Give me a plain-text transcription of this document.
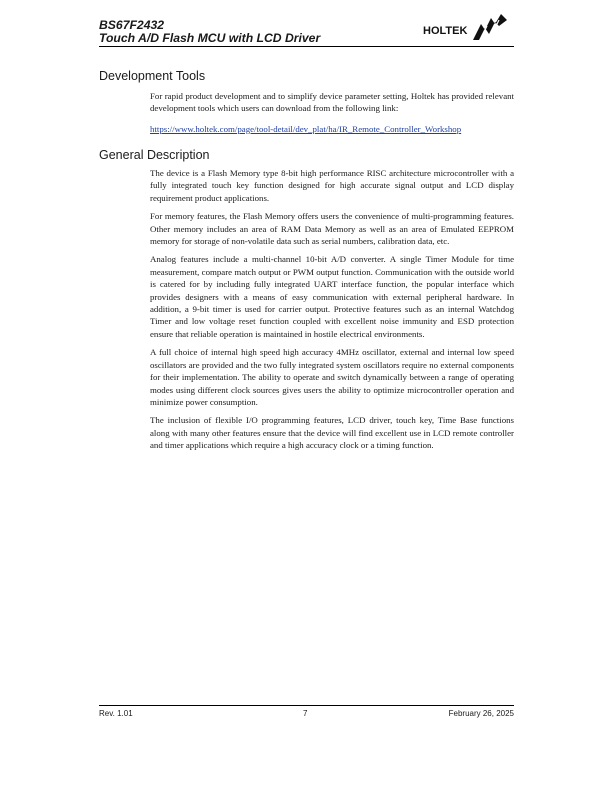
BS67F2432
Touch A/D Flash MCU with LCD Driver	HOLTEK
Development Tools

For rapid product development and to simplify device parameter setting, Holtek has provided relevant development tools which users can download from the following link:

https://www.holtek.com/page/tool-detail/dev_plat/ha/IR_Remote_Controller_Workshop
General Description

The device is a Flash Memory type 8-bit high performance RISC architecture microcontroller with a fully integrated touch key function designed for high accurate signal output and LCD display requirement product applications.

For memory features, the Flash Memory offers users the convenience of multi-programming features. Other memory includes an area of RAM Data Memory as well as an area of Emulated EEPROM memory for storage of non-volatile data such as serial numbers, calibration data, etc.

Analog features include a multi-channel 10-bit A/D converter. A single Timer Module for time measurement, compare match output or PWM output function. Communication with the outside world is catered for by including fully integrated UART interface function, the popular interface which provides designers with a means of easy communication with external peripheral hardware. In addition, a 9-bit timer is used for carrier output. Protective features such as an internal Watchdog Timer and low voltage reset function coupled with excellent noise immunity and ESD protection ensure that reliable operation is maintained in hostile electrical environments.

A full choice of internal high speed high accuracy 4MHz oscillator, external and internal low speed oscillators are provided and the two fully integrated system oscillators require no external components for their implementation. The ability to operate and switch dynamically between a range of operating modes using different clock sources gives users the ability to optimize microcontroller operation and minimize power consumption.

The inclusion of flexible I/O programming features, LCD driver, touch key, Time Base functions along with many other features ensure that the device will find excellent use in LCD remote controller and timer applications which require a high accuracy clock or a timing function.

Rev. 1.01	7	February 26, 2025
